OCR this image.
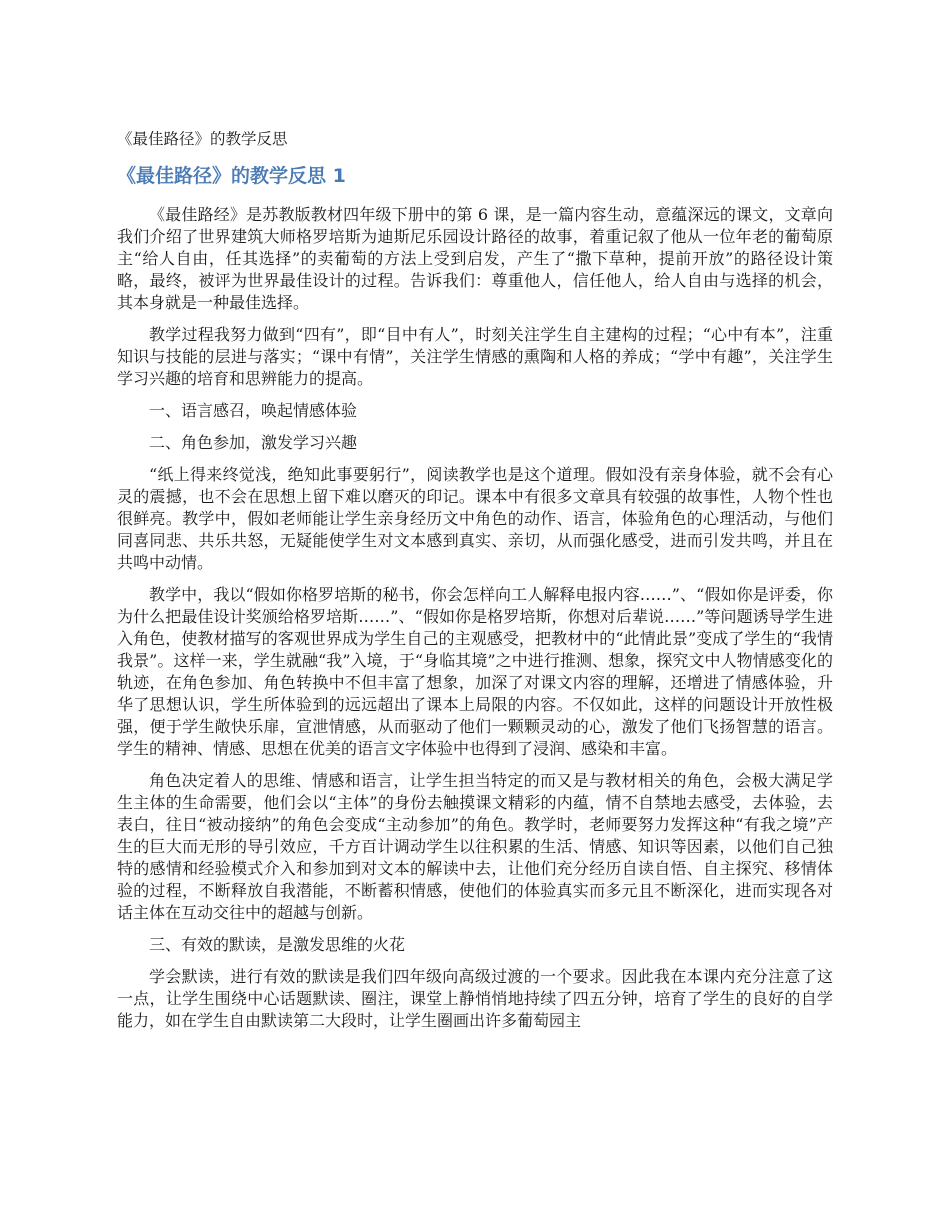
《最佳路径》的教学反思
《最佳路径》的教学反思 1

《最佳路经》是苏教版教材四年级下册中的第 6 课，是一篇内容生动，意蕴深远的课文，文章向我们介绍了世界建筑大师格罗培斯为迪斯尼乐园设计路径的故事，着重记叙了他从一位年老的葡萄原主“给人自由，任其选择”的卖葡萄的方法上受到启发，产生了“撒下草种，提前开放”的路径设计策略，最终，被评为世界最佳设计的过程。告诉我们：尊重他人，信任他人，给人自由与选择的机会，其本身就是一种最佳选择。

教学过程我努力做到“四有”，即“目中有人”，时刻关注学生自主建构的过程；“心中有本”，注重知识与技能的层进与落实；“课中有情”，关注学生情感的熏陶和人格的养成；“学中有趣”，关注学生学习兴趣的培育和思辨能力的提高。

一、语言感召，唤起情感体验

二、角色参加，激发学习兴趣

“纸上得来终觉浅，绝知此事要躬行”，阅读教学也是这个道理。假如没有亲身体验，就不会有心灵的震撼，也不会在思想上留下难以磨灭的印记。课本中有很多文章具有较强的故事性，人物个性也很鲜亮。教学中，假如老师能让学生亲身经历文中角色的动作、语言，体验角色的心理活动，与他们同喜同悲、共乐共怒，无疑能使学生对文本感到真实、亲切，从而强化感受，进而引发共鸣，并且在共鸣中动情。

教学中，我以“假如你格罗培斯的秘书，你会怎样向工人解释电报内容……”、“假如你是评委，你为什么把最佳设计奖颁给格罗培斯……”、“假如你是格罗培斯，你想对后辈说……”等问题诱导学生进入角色，使教材描写的客观世界成为学生自己的主观感受，把教材中的“此情此景”变成了学生的“我情我景”。这样一来，学生就融“我”入境，于“身临其境”之中进行推测、想象，探究文中人物情感变化的轨迹，在角色参加、角色转换中不但丰富了想象，加深了对课文内容的理解，还增进了情感体验，升华了思想认识，学生所体验到的远远超出了课本上局限的内容。不仅如此，这样的问题设计开放性极强，便于学生敞快乐扉，宣泄情感，从而驱动了他们一颗颗灵动的心，激发了他们飞扬智慧的语言。学生的精神、情感、思想在优美的语言文字体验中也得到了浸润、感染和丰富。

角色决定着人的思维、情感和语言，让学生担当特定的而又是与教材相关的角色，会极大满足学生主体的生命需要，他们会以“主体”的身份去触摸课文精彩的内蕴，情不自禁地去感受，去体验，去表白，往日“被动接纳”的角色会变成“主动参加”的角色。教学时，老师要努力发挥这种“有我之境”产生的巨大而无形的导引效应，千方百计调动学生以往积累的生活、情感、知识等因素，以他们自己独特的感情和经验模式介入和参加到对文本的解读中去，让他们充分经历自读自悟、自主探究、移情体验的过程，不断释放自我潜能，不断蓄积情感，使他们的体验真实而多元且不断深化，进而实现各对话主体在互动交往中的超越与创新。

三、有效的默读，是激发思维的火花

学会默读，进行有效的默读是我们四年级向高级过渡的一个要求。因此我在本课内充分注意了这一点，让学生围绕中心话题默读、圈注，课堂上静悄悄地持续了四五分钟，培育了学生的良好的自学能力，如在学生自由默读第二大段时，让学生圈画出许多葡萄园主
